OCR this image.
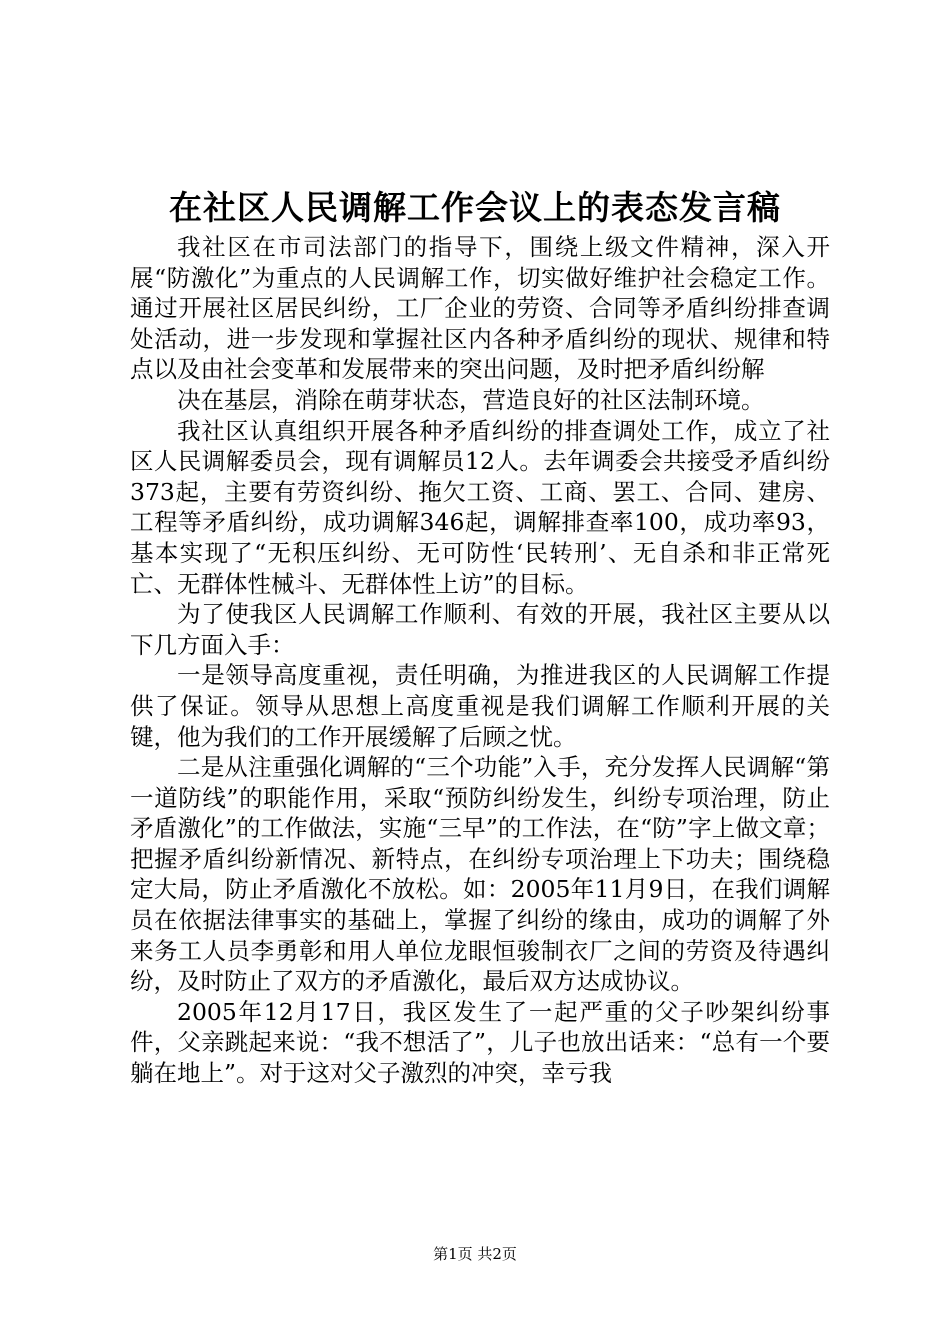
在社区人民调解工作会议上的表态发言稿

我社区在市司法部门的指导下，围绕上级文件精神，深入开展“防激化”为重点的人民调解工作，切实做好维护社会稳定工作。通过开展社区居民纠纷，工厂企业的劳资、合同等矛盾纠纷排查调处活动，进一步发现和掌握社区内各种矛盾纠纷的现状、规律和特点以及由社会变革和发展带来的突出问题，及时把矛盾纠纷解

决在基层，消除在萌芽状态，营造良好的社区法制环境。

我社区认真组织开展各种矛盾纠纷的排查调处工作，成立了社区人民调解委员会，现有调解员12人。去年调委会共接受矛盾纠纷373起，主要有劳资纠纷、拖欠工资、工商、罢工、合同、建房、工程等矛盾纠纷，成功调解346起，调解排查率100，成功率93，基本实现了“无积压纠纷、无可防性‘民转刑’、无自杀和非正常死亡、无群体性械斗、无群体性上访”的目标。

为了使我区人民调解工作顺利、有效的开展，我社区主要从以下几方面入手：

一是领导高度重视，责任明确，为推进我区的人民调解工作提供了保证。领导从思想上高度重视是我们调解工作顺利开展的关键，他为我们的工作开展缓解了后顾之忧。

二是从注重强化调解的“三个功能”入手，充分发挥人民调解“第一道防线”的职能作用，采取“预防纠纷发生，纠纷专项治理，防止矛盾激化”的工作做法，实施“三早”的工作法，在“防”字上做文章；把握矛盾纠纷新情况、新特点，在纠纷专项治理上下功夫；围绕稳定大局，防止矛盾激化不放松。如：2005年11月9日，在我们调解员在依据法律事实的基础上，掌握了纠纷的缘由，成功的调解了外来务工人员李勇彰和用人单位龙眼恒骏制衣厂之间的劳资及待遇纠纷，及时防止了双方的矛盾激化，最后双方达成协议。

2005年12月17日，我区发生了一起严重的父子吵架纠纷事件，父亲跳起来说：“我不想活了”，儿子也放出话来：“总有一个要躺在地上”。对于这对父子激烈的冲突，幸亏我

第1页 共2页
